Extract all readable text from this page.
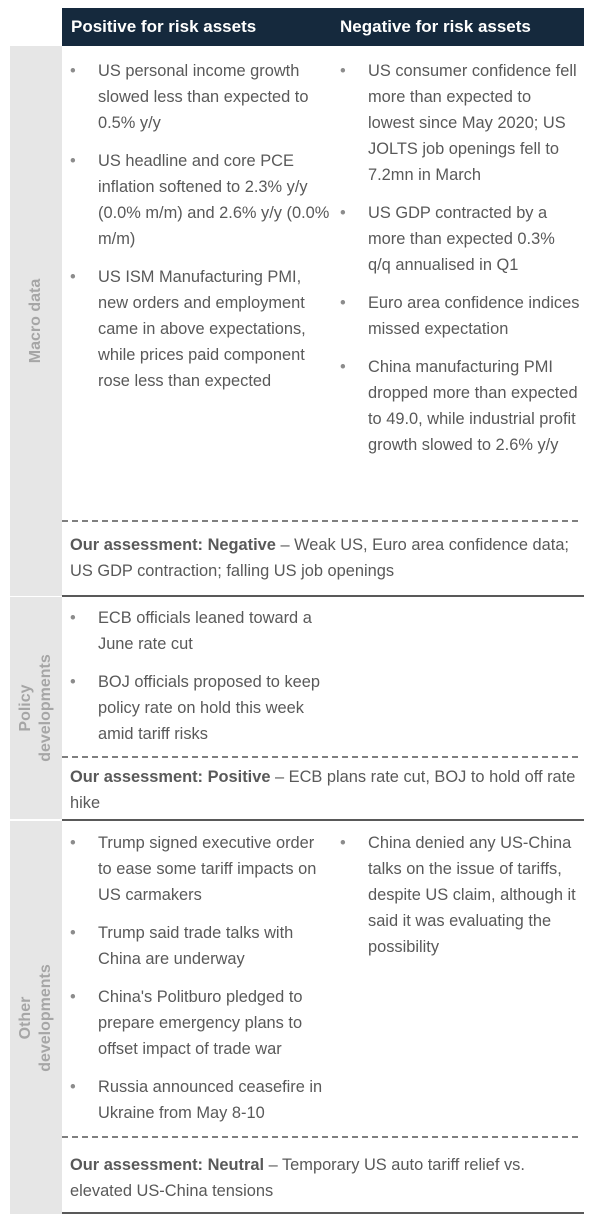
Positive for risk assets	Negative for risk assets
Macro data
• US personal income growth slowed less than expected to 0.5% y/y
• US headline and core PCE inflation softened to 2.3% y/y (0.0% m/m) and 2.6% y/y (0.0% m/m)
• US ISM Manufacturing PMI, new orders and employment came in above expectations, while prices paid component rose less than expected
• US consumer confidence fell more than expected to lowest since May 2020; US JOLTS job openings fell to 7.2mn in March
• US GDP contracted by a more than expected 0.3% q/q annualised in Q1
• Euro area confidence indices missed expectation
• China manufacturing PMI dropped more than expected to 49.0, while industrial profit growth slowed to 2.6% y/y
Our assessment: Negative – Weak US, Euro area confidence data; US GDP contraction; falling US job openings
Policy developments
• ECB officials leaned toward a June rate cut
• BOJ officials proposed to keep policy rate on hold this week amid tariff risks
Our assessment: Positive – ECB plans rate cut, BOJ to hold off rate hike
Other developments
• Trump signed executive order to ease some tariff impacts on US carmakers
• Trump said trade talks with China are underway
• China's Politburo pledged to prepare emergency plans to offset impact of trade war
• Russia announced ceasefire in Ukraine from May 8-10
• China denied any US-China talks on the issue of tariffs, despite US claim, although it said it was evaluating the possibility
Our assessment: Neutral – Temporary US auto tariff relief vs. elevated US-China tensions
